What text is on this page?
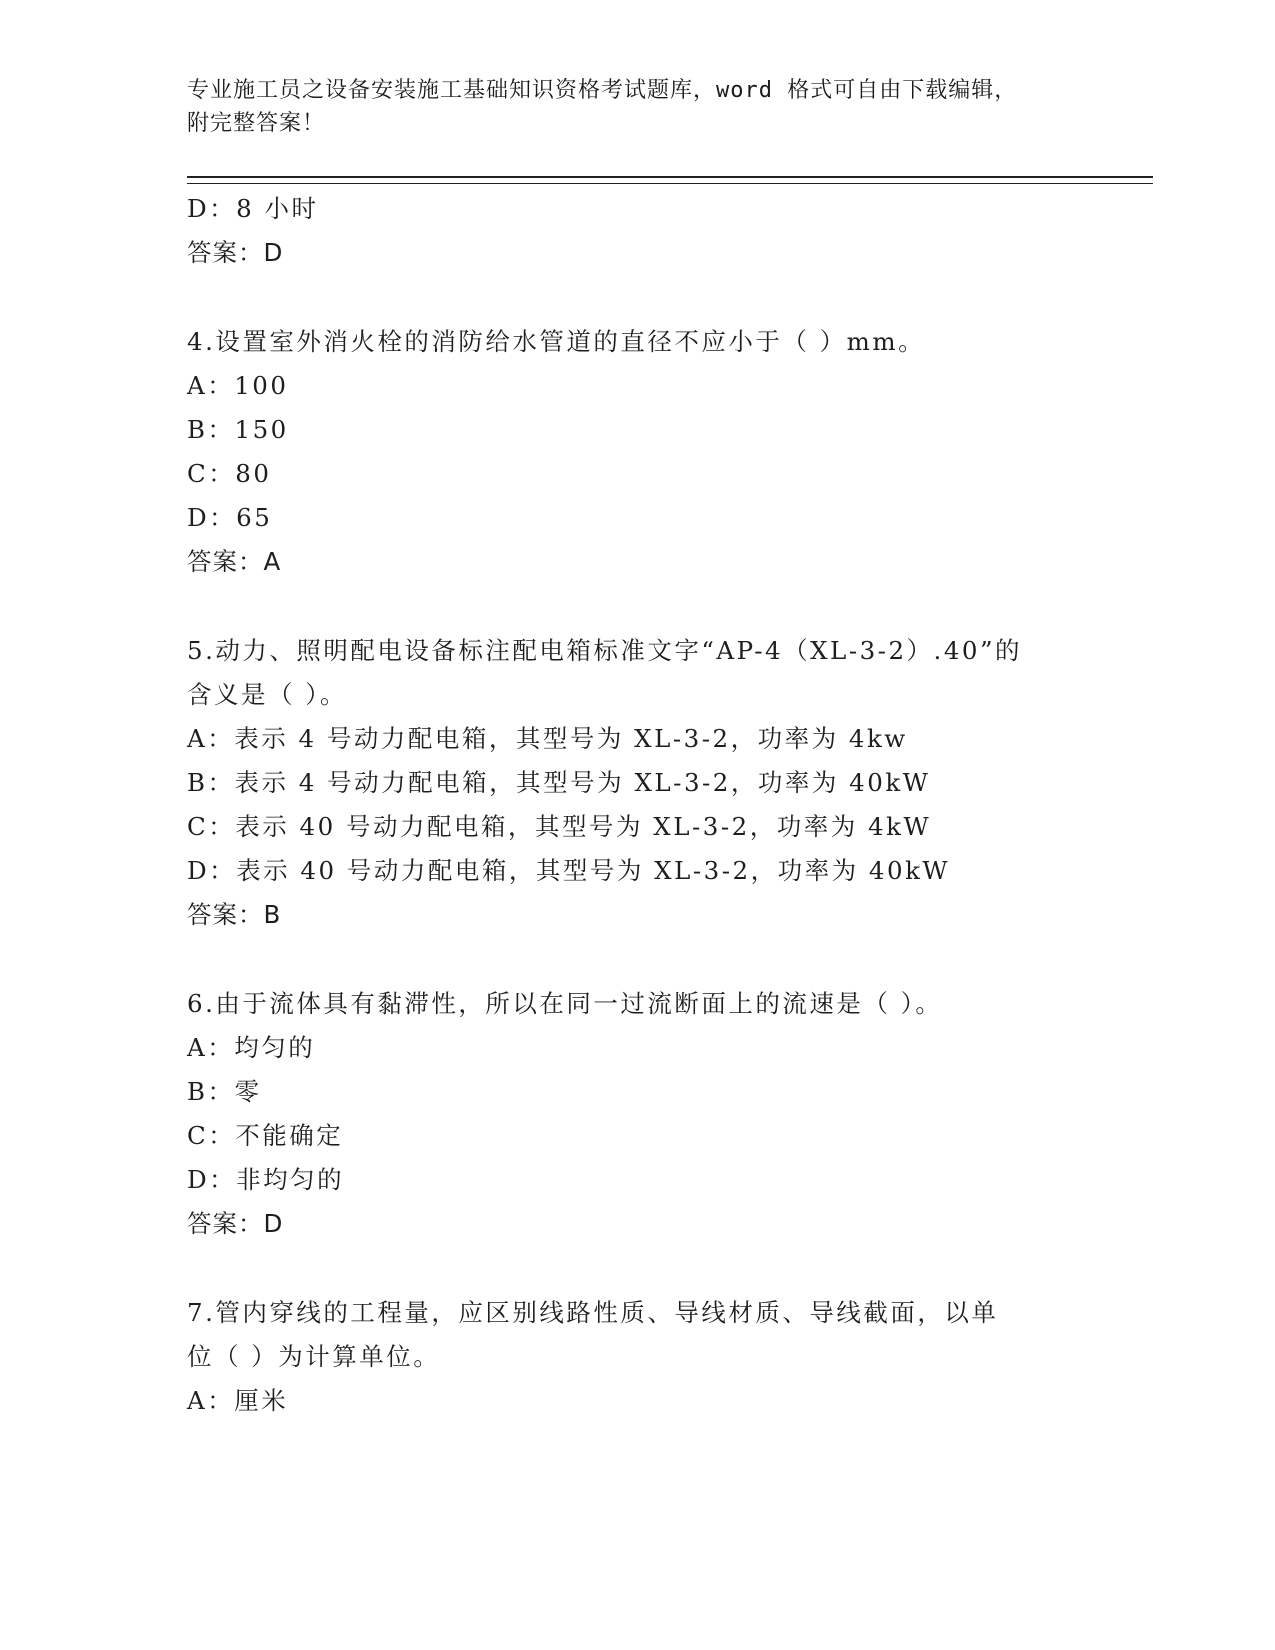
专业施工员之设备安装施工基础知识资格考试题库，word 格式可自由下载编辑，
附完整答案！
D：8 小时
答案：D
4.设置室外消火栓的消防给水管道的直径不应小于（ ）mm。
A：100
B：150
C：80
D：65
答案：A
5.动力、照明配电设备标注配电箱标准文字“AP-4（XL-3-2）.40”的
含义是（ ）。
A：表示 4 号动力配电箱，其型号为 XL-3-2，功率为 4kw
B：表示 4 号动力配电箱，其型号为 XL-3-2，功率为 40kW
C：表示 40 号动力配电箱，其型号为 XL-3-2，功率为 4kW
D：表示 40 号动力配电箱，其型号为 XL-3-2，功率为 40kW
答案：B
6.由于流体具有黏滞性，所以在同一过流断面上的流速是（ ）。
A：均匀的
B：零
C：不能确定
D：非均匀的
答案：D
7.管内穿线的工程量，应区别线路性质、导线材质、导线截面，以单
位（ ）为计算单位。
A：厘米
